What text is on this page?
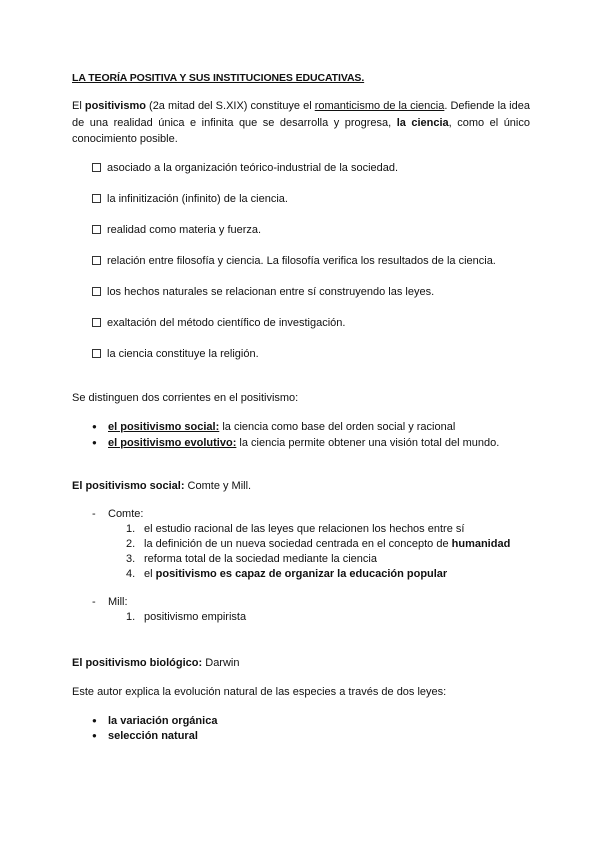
LA TEORÍA POSITIVA Y SUS INSTITUCIONES EDUCATIVAS.
El positivismo (2a mitad del S.XIX) constituye el romanticismo de la ciencia. Defiende la idea de una realidad única e infinita que se desarrolla y progresa, la ciencia, como el único conocimiento posible.
asociado a la organización teórico-industrial de la sociedad.
la infinitización (infinito) de la ciencia.
realidad como materia y fuerza.
relación entre filosofía y ciencia. La filosofía verifica los resultados de la ciencia.
los hechos naturales se relacionan entre sí construyendo las leyes.
exaltación del método científico de investigación.
la ciencia constituye la religión.
Se distinguen dos corrientes en el positivismo:
● el positivismo social: la ciencia como base del orden social y racional
● el positivismo evolutivo: la ciencia permite obtener una visión total del mundo.
El positivismo social: Comte y Mill.
- Comte:
1. el estudio racional de las leyes que relacionen los hechos entre sí
2. la definición de un nueva sociedad centrada en el concepto de humanidad
3. reforma total de la sociedad mediante la ciencia
4. el positivismo es capaz de organizar la educación popular
- Mill:
1. positivismo empirista
El positivismo biológico: Darwin
Este autor explica la evolución natural de las especies a través de dos leyes:
● la variación orgánica
● selección natural
